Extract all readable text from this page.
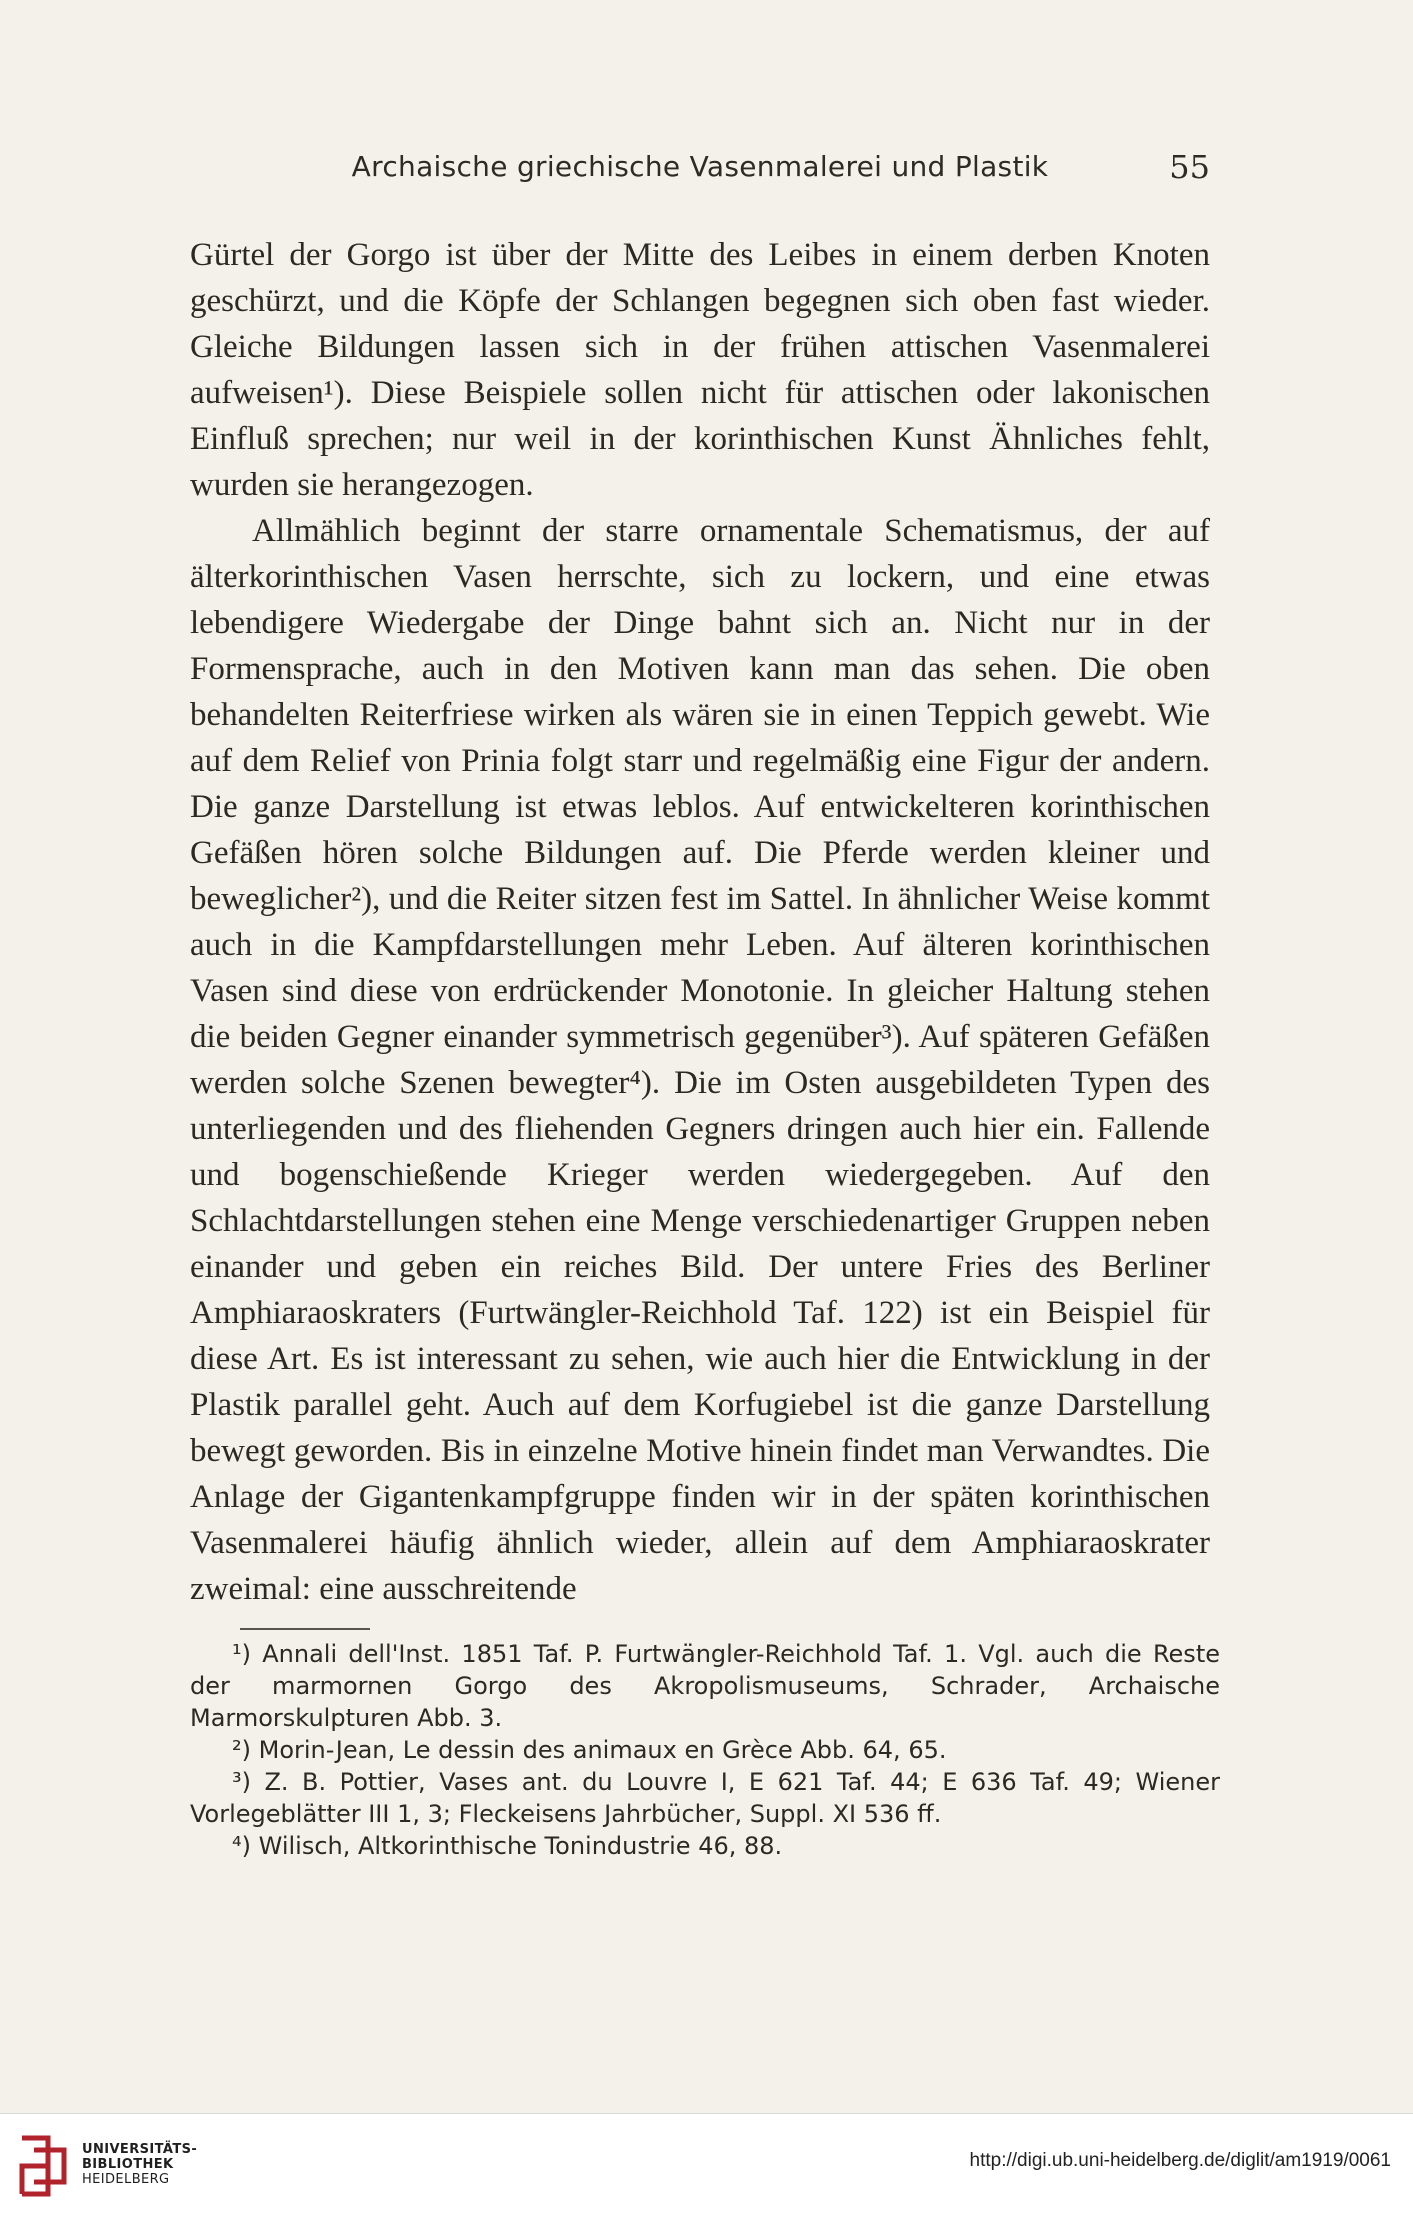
Archaische griechische Vasenmalerei und Plastik	55

Gürtel der Gorgo ist über der Mitte des Leibes in einem derben Knoten geschürzt, und die Köpfe der Schlangen begegnen sich oben fast wieder. Gleiche Bildungen lassen sich in der frühen attischen Vasenmalerei aufweisen¹). Diese Beispiele sollen nicht für attischen oder lakonischen Einfluß sprechen; nur weil in der korinthischen Kunst Ähnliches fehlt, wurden sie herangezogen.

Allmählich beginnt der starre ornamentale Schematismus, der auf älterkorinthischen Vasen herrschte, sich zu lockern, und eine etwas lebendigere Wiedergabe der Dinge bahnt sich an. Nicht nur in der Formensprache, auch in den Motiven kann man das sehen. Die oben behandelten Reiterfriese wirken als wären sie in einen Teppich gewebt. Wie auf dem Relief von Prinia folgt starr und regelmäßig eine Figur der andern. Die ganze Darstellung ist etwas leblos. Auf entwickelteren korinthischen Gefäßen hören solche Bildungen auf. Die Pferde werden kleiner und beweglicher²), und die Reiter sitzen fest im Sattel. In ähnlicher Weise kommt auch in die Kampfdarstellungen mehr Leben. Auf älteren korinthischen Vasen sind diese von erdrückender Monotonie. In gleicher Haltung stehen die beiden Gegner einander symmetrisch gegenüber³). Auf späteren Gefäßen werden solche Szenen bewegter⁴). Die im Osten ausgebildeten Typen des unterliegenden und des fliehenden Gegners dringen auch hier ein. Fallende und bogenschießende Krieger werden wiedergegeben. Auf den Schlachtdarstellungen stehen eine Menge verschiedenartiger Gruppen neben einander und geben ein reiches Bild. Der untere Fries des Berliner Amphiaraoskraters (Furtwängler-Reichhold Taf. 122) ist ein Beispiel für diese Art. Es ist interessant zu sehen, wie auch hier die Entwicklung in der Plastik parallel geht. Auch auf dem Korfugiebel ist die ganze Darstellung bewegt geworden. Bis in einzelne Motive hinein findet man Verwandtes. Die Anlage der Gigantenkampfgruppe finden wir in der späten korinthischen Vasenmalerei häufig ähnlich wieder, allein auf dem Amphiaraoskrater zweimal: eine ausschreitende

¹) Annali dell'Inst. 1851 Taf. P. Furtwängler-Reichhold Taf. 1. Vgl. auch die Reste der marmornen Gorgo des Akropolismuseums, Schrader, Archaische Marmorskulpturen Abb. 3.

²) Morin-Jean, Le dessin des animaux en Grèce Abb. 64, 65.

³) Z. B. Pottier, Vases ant. du Louvre I, E 621 Taf. 44; E 636 Taf. 49; Wiener Vorlegeblätter III 1, 3; Fleckeisens Jahrbücher, Suppl. XI 536 ff.

⁴) Wilisch, Altkorinthische Tonindustrie 46, 88.

UNIVERSITÄTS-
BIBLIOTHEK
HEIDELBERG
http://digi.ub.uni-heidelberg.de/diglit/am1919/0061
